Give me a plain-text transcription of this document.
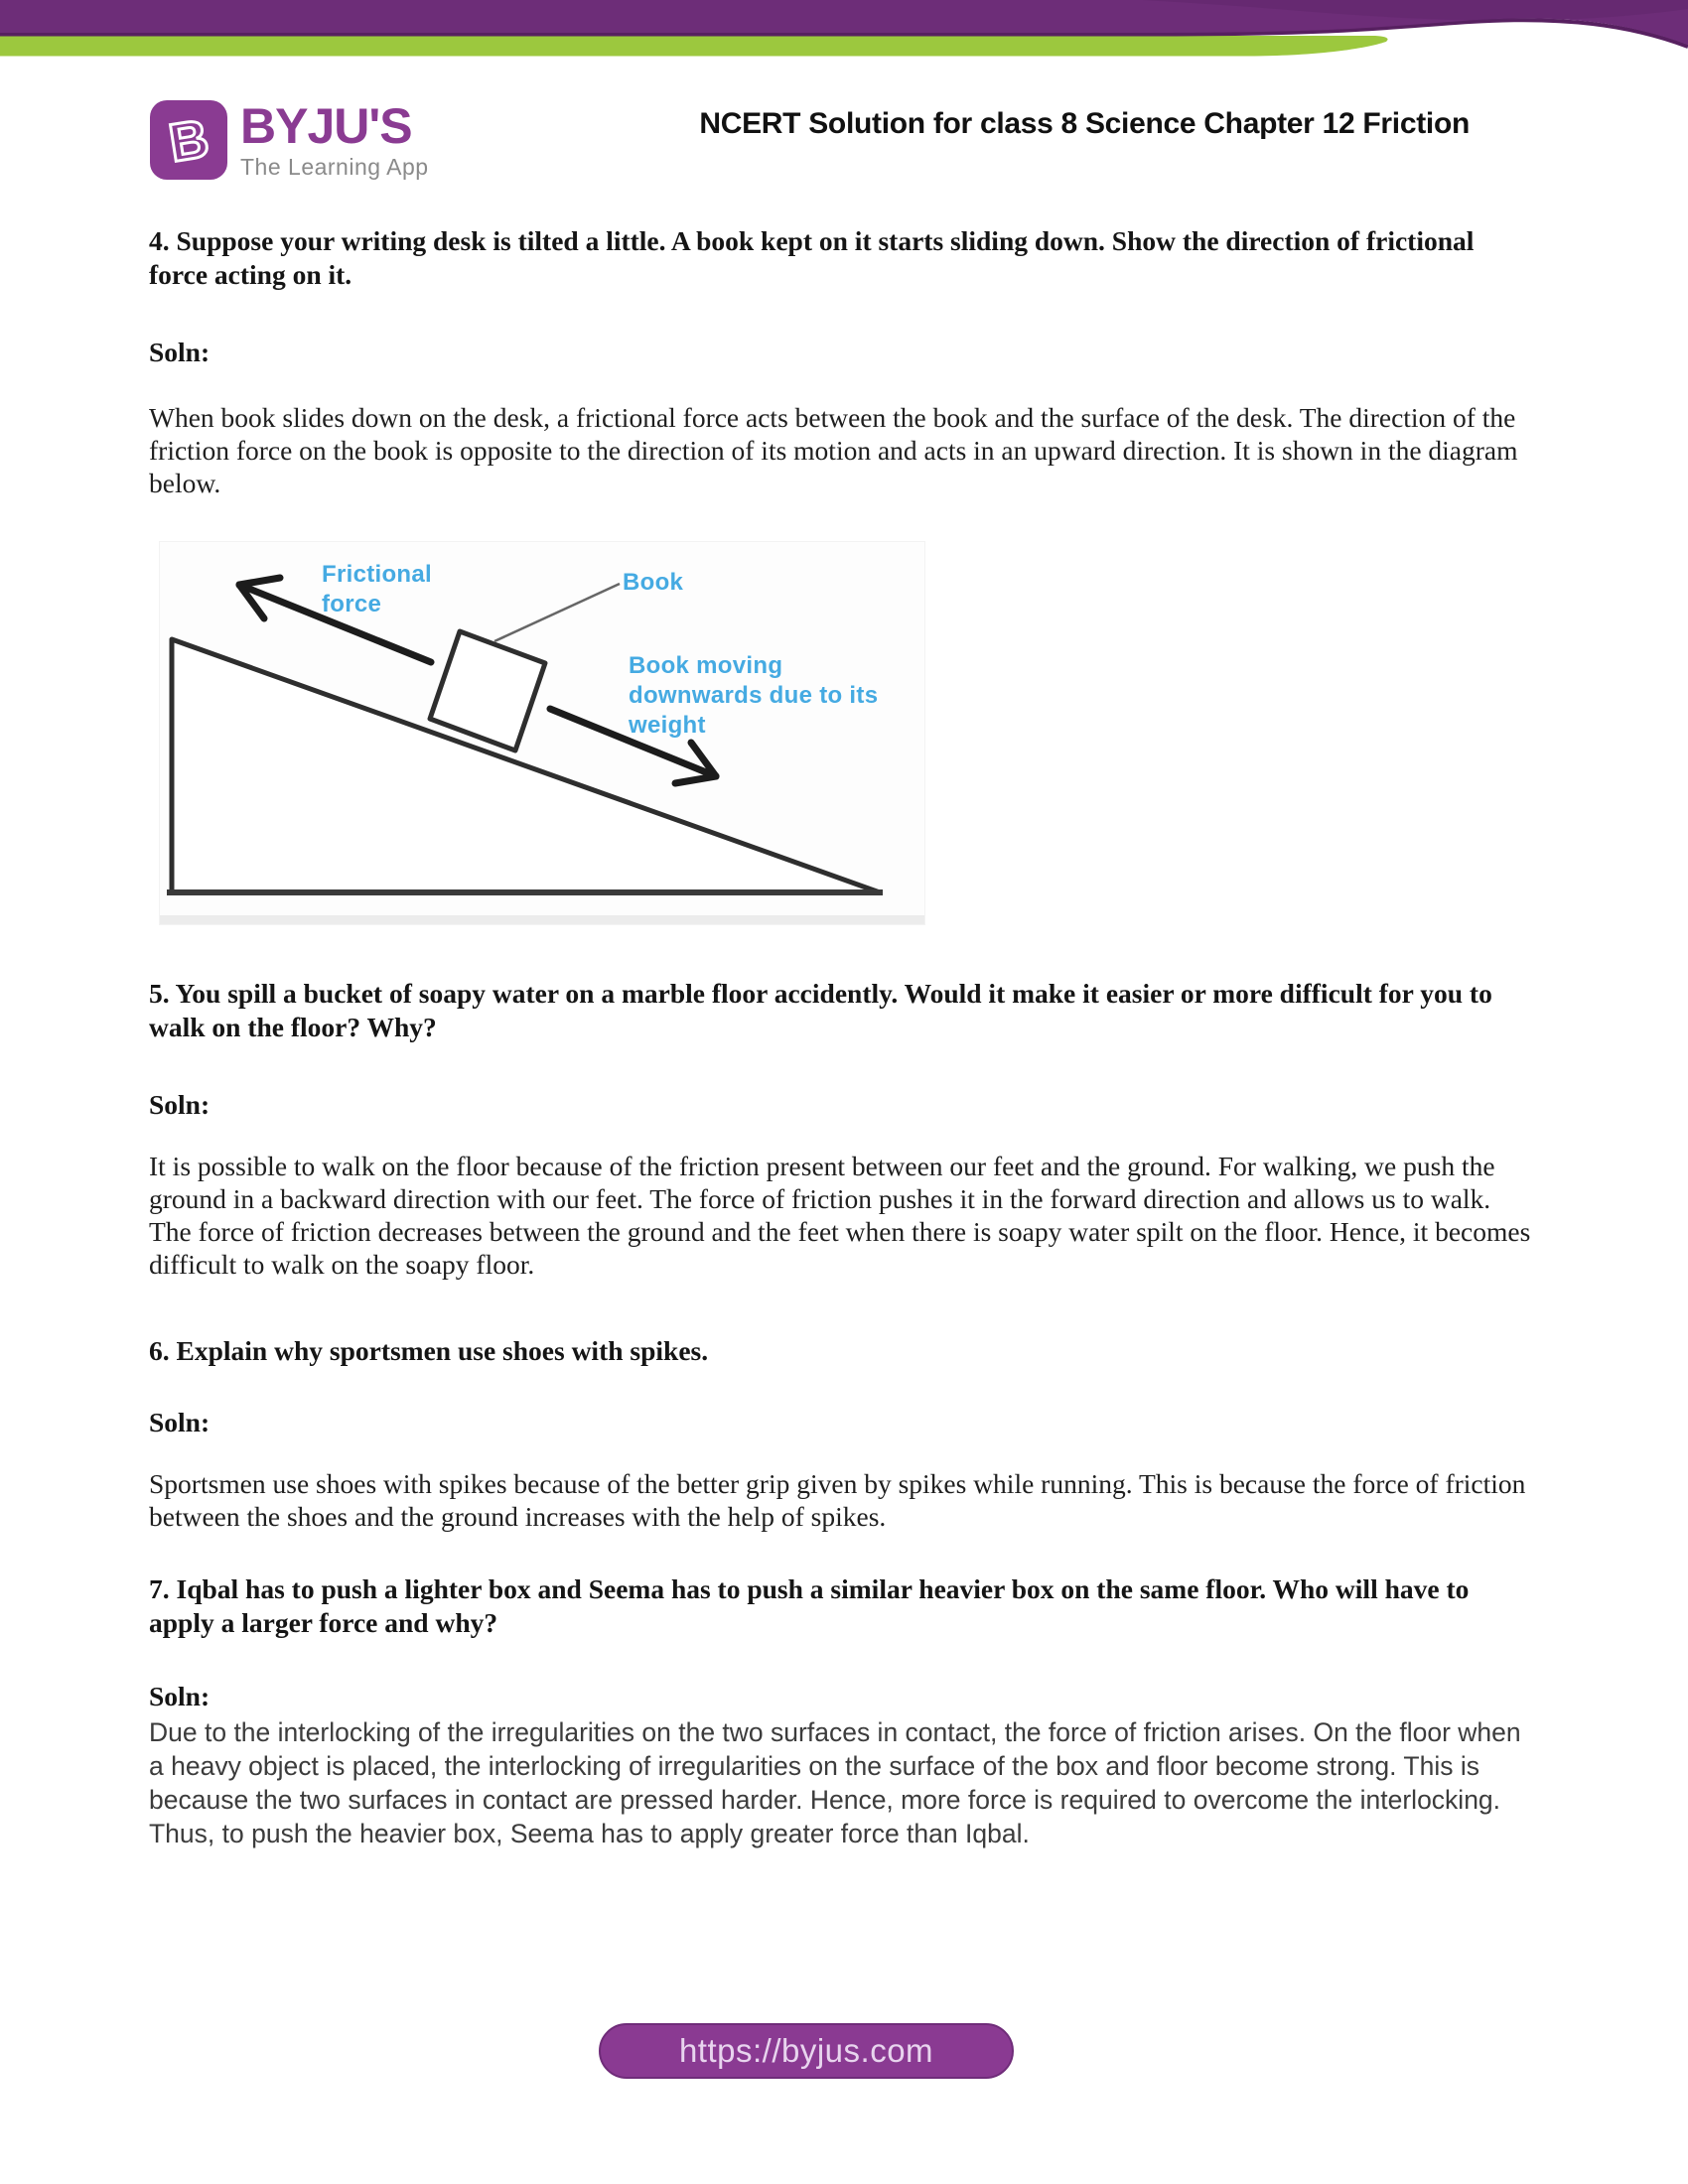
B BYJU'S
The Learning App
NCERT Solution for class 8 Science Chapter 12 Friction
4. Suppose your writing desk is tilted a little. A book kept on it starts sliding down. Show the direction of frictional force acting on it.
Soln:
When book slides down on the desk, a frictional force acts between the book and the surface of the desk. The direction of the friction force on the book is opposite to the direction of its motion and acts in an upward direction. It is shown in the diagram below.
Frictional force
Book
Book moving downwards due to its weight
5. You spill a bucket of soapy water on a marble floor accidently. Would it make it easier or more difficult for you to walk on the floor? Why?
Soln:
It is possible to walk on the floor because of the friction present between our feet and the ground. For walking, we push the ground in a backward direction with our feet. The force of friction pushes it in the forward direction and allows us to walk. The force of friction decreases between the ground and the feet when there is soapy water spilt on the floor. Hence, it becomes difficult to walk on the soapy floor.
6. Explain why sportsmen use shoes with spikes.
Soln:
Sportsmen use shoes with spikes because of the better grip given by spikes while running. This is because the force of friction between the shoes and the ground increases with the help of spikes.
7. Iqbal has to push a lighter box and Seema has to push a similar heavier box on the same floor. Who will have to apply a larger force and why?
Soln:
Due to the interlocking of the irregularities on the two surfaces in contact, the force of friction arises. On the floor when a heavy object is placed, the interlocking of irregularities on the surface of the box and floor become strong. This is because the two surfaces in contact are pressed harder. Hence, more force is required to overcome the interlocking. Thus, to push the heavier box, Seema has to apply greater force than Iqbal.
https://byjus.com
